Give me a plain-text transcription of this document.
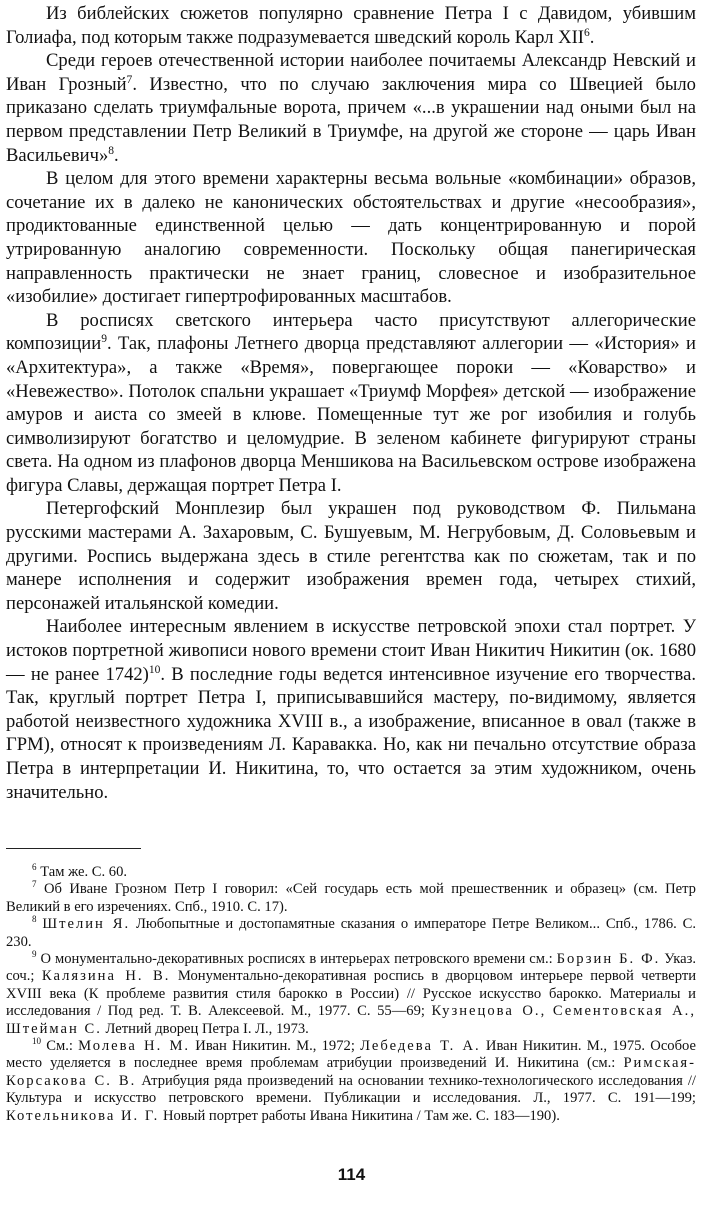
Из библейских сюжетов популярно сравнение Петра I с Давидом, убившим Голиафа, под которым также подразумевается шведский король Карл XII$^6$.

Среди героев отечественной истории наиболее почитаемы Александр Невский и Иван Грозный$^7$. Известно, что по случаю заключения мира со Швецией было приказано сделать триумфальные ворота, причем «...в украшении над оными был на первом представлении Петр Великий в Триумфе, на другой же стороне — царь Иван Васильевич»$^8$.

В целом для этого времени характерны весьма вольные «комбинации» образов, сочетание их в далеко не канонических обстоятельствах и другие «несообразия», продиктованные единственной целью — дать концентрированную и порой утрированную аналогию современности. Поскольку общая панегирическая направленность практически не знает границ, словесное и изобразительное «изобилие» достигает гипертрофированных масштабов.

В росписях светского интерьера часто присутствуют аллегорические композиции$^9$. Так, плафоны Летнего дворца представляют аллегории — «История» и «Архитектура», а также «Время», повергающее пороки — «Коварство» и «Невежество». Потолок спальни украшает «Триумф Морфея» детской — изображение амуров и аиста со змеей в клюве. Помещенные тут же рог изобилия и голубь символизируют богатство и целомудрие. В зеленом кабинете фигурируют страны света. На одном из плафонов дворца Меншикова на Васильевском острове изображена фигура Славы, держащая портрет Петра I.

Петергофский Монплезир был украшен под руководством Ф. Пильмана русскими мастерами А. Захаровым, С. Бушуевым, М. Негрубовым, Д. Соловьевым и другими. Роспись выдержана здесь в стиле регентства как по сюжетам, так и по манере исполнения и содержит изображения времен года, четырех стихий, персонажей итальянской комедии.

Наиболее интересным явлением в искусстве петровской эпохи стал портрет. У истоков портретной живописи нового времени стоит Иван Никитич Никитин (ок. 1680 — не ранее 1742)$^{10}$. В последние годы ведется интенсивное изучение его творчества. Так, круглый портрет Петра I, приписывавшийся мастеру, по-видимому, является работой неизвестного художника XVIII в., а изображение, вписанное в овал (также в ГРМ), относят к произведениям Л. Каравакка. Но, как ни печально отсутствие образа Петра в интерпретации И. Никитина, то, что остается за этим художником, очень значительно.

$^6$ Там же. С. 60.

$^7$ Об Иване Грозном Петр I говорил: «Сей государь есть мой прешественник и образец» (см. Петр Великий в его изречениях. Спб., 1910. С. 17).

$^8$ Штелин Я. Любопытные и достопамятные сказания о императоре Петре Великом... Спб., 1786. С. 230.

$^9$ О монументально-декоративных росписях в интерьерах петровского времени см.: Борзин Б. Ф. Указ. соч.; Калязина Н. В. Монументально-декоративная роспись в дворцовом интерьере первой четверти XVIII века (К проблеме развития стиля барокко в России) // Русское искусство барокко. Материалы и исследования / Под ред. Т. В. Алексеевой. М., 1977. С. 55—69; Кузнецова О., Сементовская А., Штейман С. Летний дворец Петра I. Л., 1973.

$^{10}$ См.: Молева Н. М. Иван Никитин. М., 1972; Лебедева Т. А. Иван Никитин. М., 1975. Особое место уделяется в последнее время проблемам атрибуции произведений И. Никитина (см.: Римская-Корсакова С. В. Атрибуция ряда произведений на основании технико-технологического исследования // Культура и искусство петровского времени. Публикации и исследования. Л., 1977. С. 191—199; Котельникова И. Г. Новый портрет работы Ивана Никитина / Там же. С. 183—190).

114
